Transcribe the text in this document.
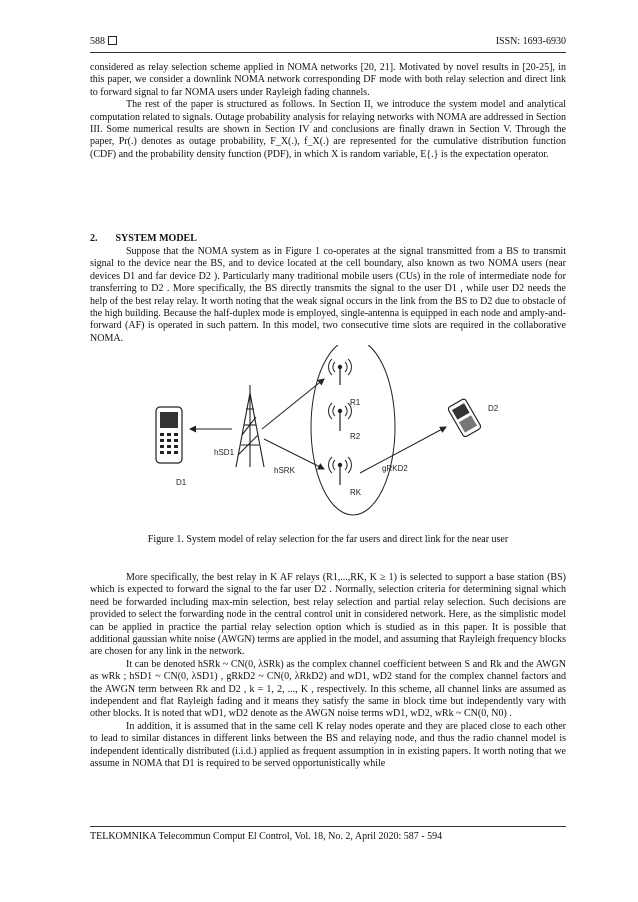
588	ISSN: 1693-6930

considered as relay selection scheme applied in NOMA networks [20, 21]. Motivated by novel results in [20-25], in this paper, we consider a downlink NOMA network corresponding DF mode with both relay selection and direct link to forward signal to far NOMA users under Rayleigh fading channels.

The rest of the paper is structured as follows. In Section II, we introduce the system model and analytical computation related to signals. Outage probability analysis for relaying networks with NOMA are addressed in Section III. Some numerical results are shown in Section IV and conclusions are finally drawn in Section V. Through the paper, Pr(.) denotes as outage probability, F_X(.), f_X(.) are represented for the cumulative distribution function (CDF) and the probability density function (PDF), in which X is random variable, E{.} is the expectation operator.

2. SYSTEM MODEL

Suppose that the NOMA system as in Figure 1 co-operates at the signal transmitted from a BS to transmit signal to the device near the BS, and to device located at the cell boundary, also known as two NOMA users (near devices D1 and far device D2 ). Particularly many traditional mobile users (CUs) in the role of intermediate node for transferring to D2 . More specifically, the BS directly transmits the signal to the user D1 , while user D2 needs the help of the best relay relay. It worth noting that the weak signal occurs in the link from the BS to D2 due to obstacle of the high building. Because the half-duplex mode is employed, single-antenna is equipped in each node and amply-and-forward (AF) is operated in such pattern. In this model, two consecutive time slots are required in the collaborative NOMA.

D1
D2
R1
R2
RK
hSD1
hSRK	gRKD2
Figure 1. System model of relay selection for the far users and direct link for the near user

More specifically, the best relay in K AF relays (R1,...,RK, K ≥ 1) is selected to support a base station (BS) which is expected to forward the signal to the far user D2 . Normally, selection criteria for determining signal which need be forwarded including max-min selection, best relay selection and partial relay selection. Such decisions are provided to select the forwarding node in the central control unit in considered network. Here, as the simplistic model can be applied in practice the partial relay selection option which is studied as in this paper. It is possible that additional gaussian white noise (AWGN) terms are applied in the model, and assuming that Rayleigh frequency blocks are chosen for any link in the network.

It can be denoted hSRk ~ CN(0, λSRk) as the complex channel coefficient between S and Rk and the AWGN as wRk ; hSD1 ~ CN(0, λSD1) , gRkD2 ~ CN(0, λRkD2) and wD1, wD2 stand for the complex channel factors and the AWGN term between Rk and D2 , k = 1, 2, ..., K , respectively. In this scheme, all channel links are assumed as independent and flat Rayleigh fading and it means they satisfy the same in block time but independently vary with other blocks. It is noted that wD1, wD2 denote as the AWGN noise terms wD1, wD2, wRk ~ CN(0, N0) .

In addition, it is assumed that in the same cell K relay nodes operate and they are placed close to each other to lead to similar distances in different links between the BS and relaying node, and thus the radio channel model is independent identically distributed (i.i.d.) applied as frequent assumption in in existing papers. It worth noting that we assume in NOMA that D1 is required to be served opportunistically while

TELKOMNIKA Telecommun Comput El Control, Vol. 18, No. 2, April 2020: 587 - 594
